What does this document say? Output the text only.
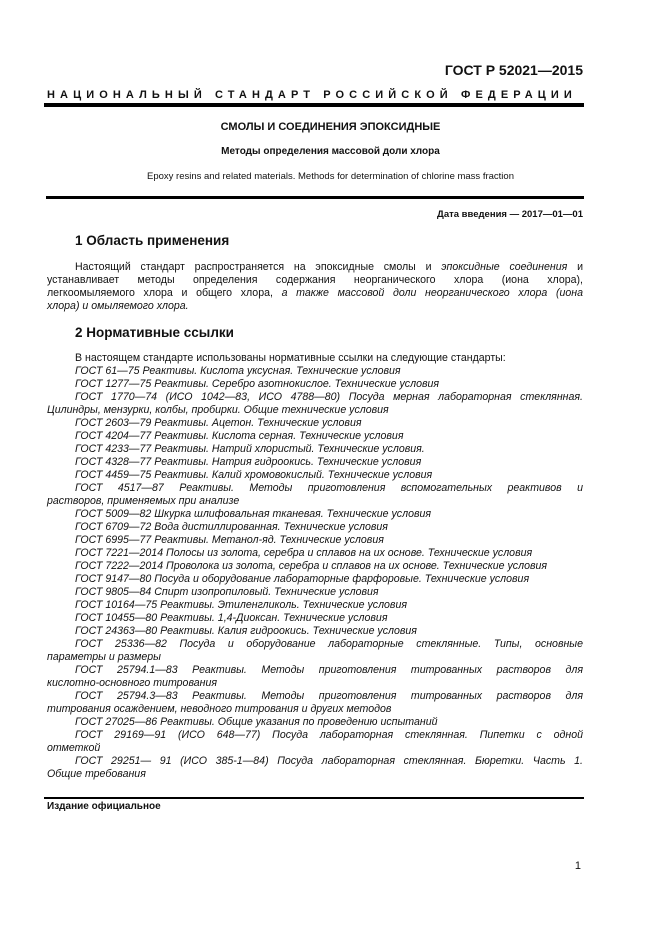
ГОСТ Р 52021—2015
НАЦИОНАЛЬНЫЙ СТАНДАРТ РОССИЙСКОЙ ФЕДЕРАЦИИ
СМОЛЫ И СОЕДИНЕНИЯ ЭПОКСИДНЫЕ
Методы определения массовой доли хлора
Epoxy resins and related materials. Methods for determination of chlorine mass fraction
Дата введения — 2017—01—01
1 Область применения
Настоящий стандарт распространяется на эпоксидные смолы и эпоксидные соединения и
устанавливает методы определения содержания неорганического хлора (иона хлора),
легкоомыляемого хлора и общего хлора, а также массовой доли неорганического хлора (иона
хлора) и омыляемого хлора.
2 Нормативные ссылки
В настоящем стандарте использованы нормативные ссылки на следующие стандарты:
ГОСТ 61—75 Реактивы. Кислота уксусная. Технические условия
ГОСТ 1277—75 Реактивы. Серебро азотнокислое. Технические условия
ГОСТ 1770—74 (ИСО 1042—83, ИСО 4788—80) Посуда мерная лабораторная стеклянная.
Цилиндры, мензурки, колбы, пробирки. Общие технические условия
ГОСТ 2603—79 Реактивы. Ацетон. Технические условия
ГОСТ 4204—77 Реактивы. Кислота серная. Технические условия
ГОСТ 4233—77 Реактивы. Натрий хлористый. Технические условия.
ГОСТ 4328—77 Реактивы. Натрия гидроокись. Технические условия
ГОСТ 4459—75 Реактивы. Калий хромовокислый. Технические условия
ГОСТ 4517—87 Реактивы. Методы приготовления вспомогательных реактивов и
растворов, применяемых при анализе
ГОСТ 5009—82 Шкурка шлифовальная тканевая. Технические условия
ГОСТ 6709—72 Вода дистиллированная. Технические условия
ГОСТ 6995—77 Реактивы. Метанол-яд. Технические условия
ГОСТ 7221—2014 Полосы из золота, серебра и сплавов на их основе. Технические условия
ГОСТ 7222—2014 Проволока из золота, серебра и сплавов на их основе. Технические условия
ГОСТ 9147—80 Посуда и оборудование лабораторные фарфоровые. Технические условия
ГОСТ 9805—84 Спирт изопропиловый. Технические условия
ГОСТ 10164—75 Реактивы. Этиленгликоль. Технические условия
ГОСТ 10455—80 Реактивы. 1,4-Диоксан. Технические условия
ГОСТ 24363—80 Реактивы. Калия гидроокись. Технические условия
ГОСТ 25336—82 Посуда и оборудование лабораторные стеклянные. Типы, основные
параметры и размеры
ГОСТ 25794.1—83 Реактивы. Методы приготовления титрованных растворов для
кислотно-основного титрования
ГОСТ 25794.3—83 Реактивы. Методы приготовления титрованных растворов для
титрования осаждением, неводного титрования и других методов
ГОСТ 27025—86 Реактивы. Общие указания по проведению испытаний
ГОСТ 29169—91 (ИСО 648—77) Посуда лабораторная стеклянная. Пипетки с одной
отметкой
ГОСТ 29251— 91 (ИСО 385-1—84) Посуда лабораторная стеклянная. Бюретки. Часть 1.
Общие требования
Издание официальное
1
